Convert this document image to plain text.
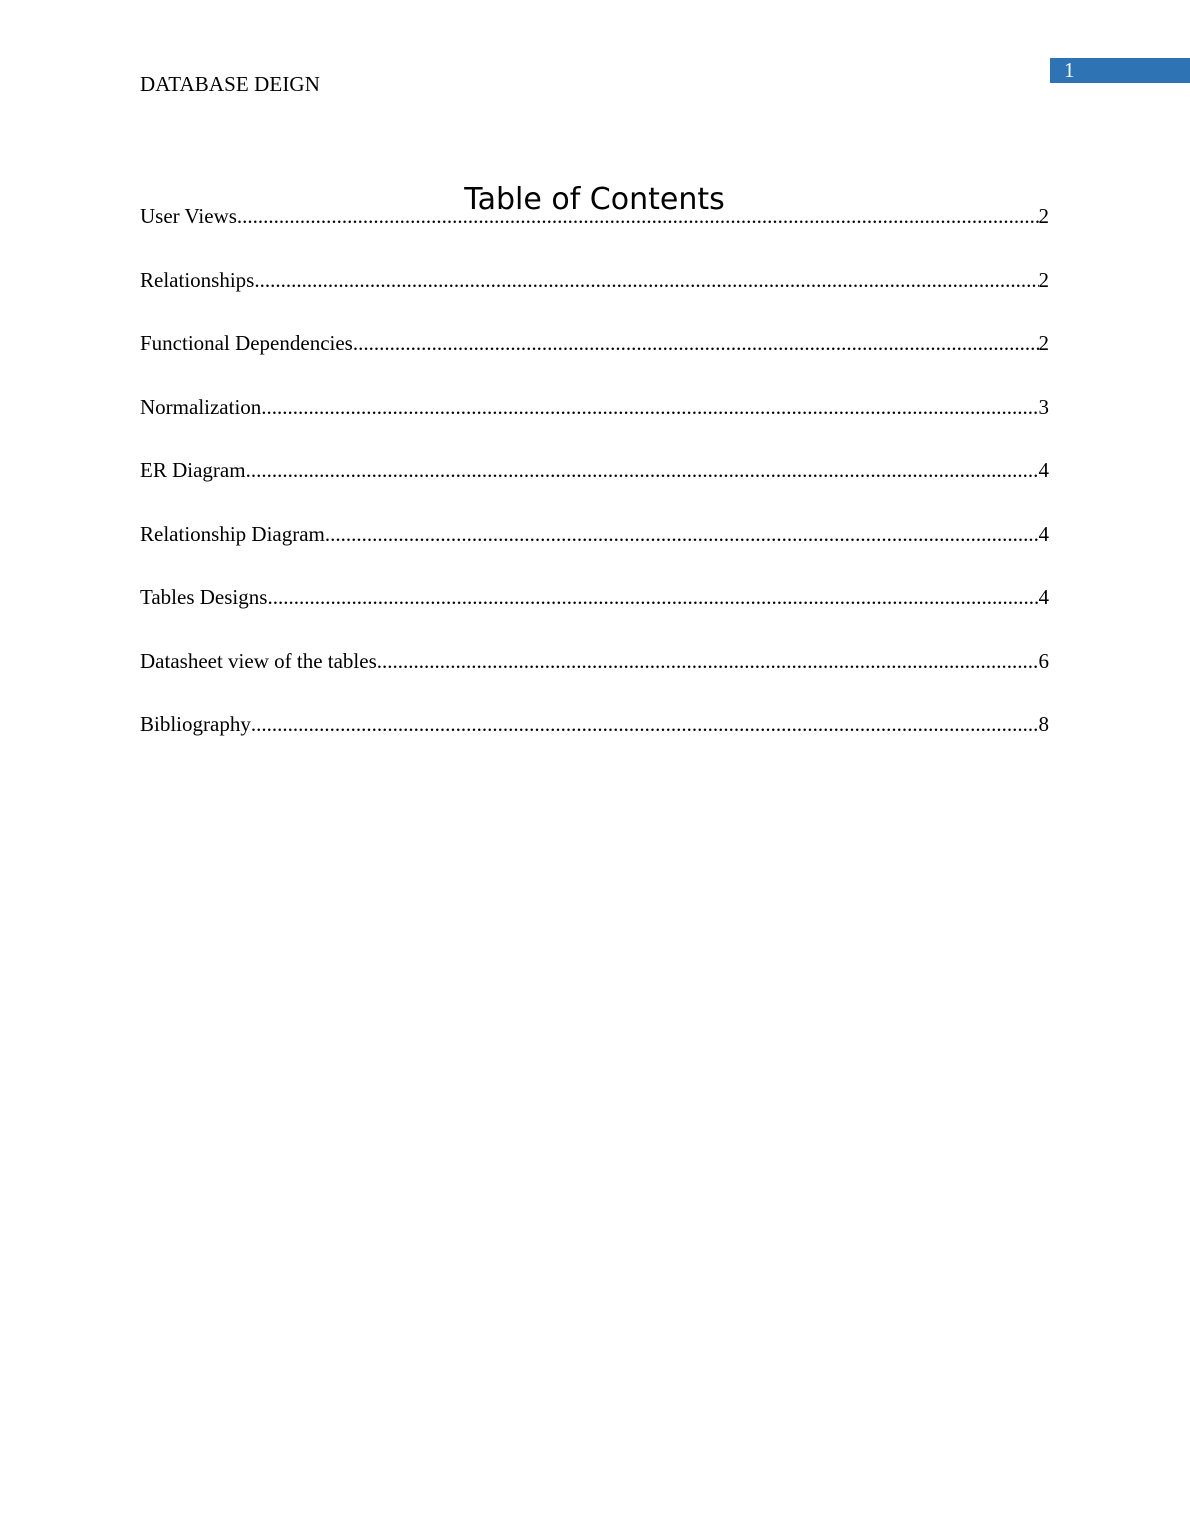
1
DATABASE DEIGN
Table of Contents
User Views .....	2
Relationships .....	2
Functional Dependencies .....	2
Normalization .....	3
ER Diagram .....	4
Relationship Diagram .....	4
Tables Designs .....	4
Datasheet view of the tables .....	6
Bibliography .....	8
